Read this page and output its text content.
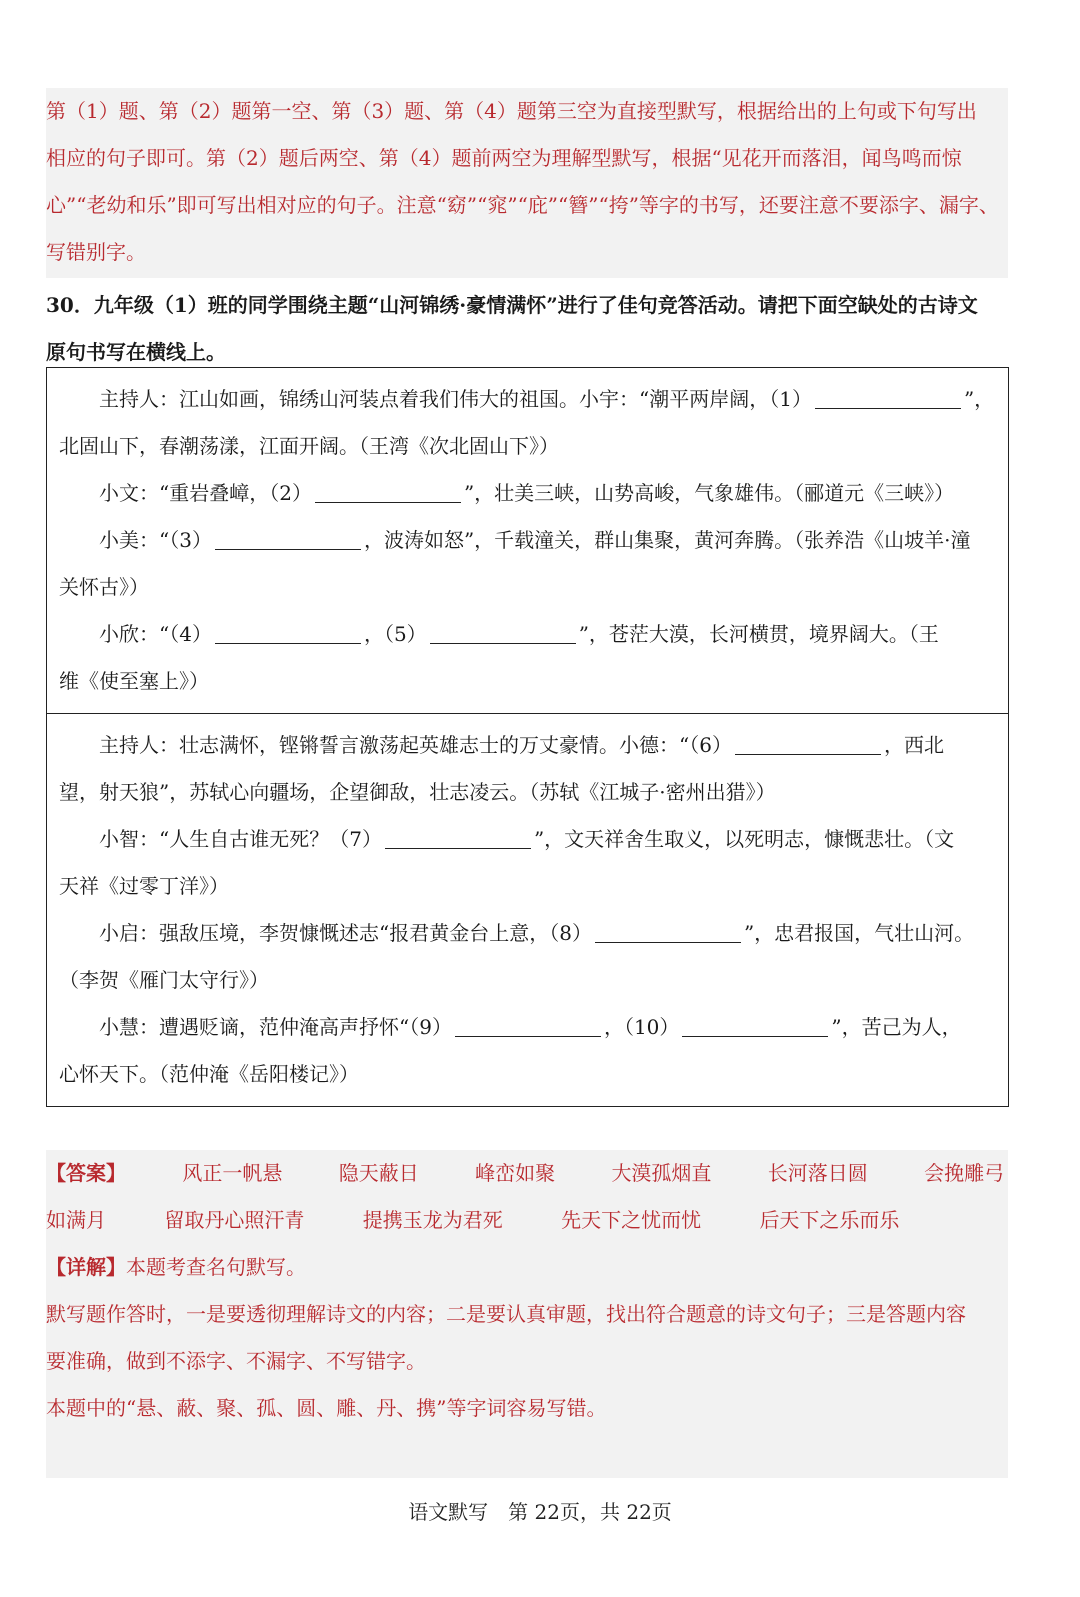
第（1）题、第（2）题第一空、第（3）题、第（4）题第三空为直接型默写，根据给出的上句或下句写出

相应的句子即可。第（2）题后两空、第（4）题前两空为理解型默写，根据“见花开而落泪，闻鸟鸣而惊

心”“老幼和乐”即可写出相对应的句子。注意“窈”“窕”“庇”“簪”“挎”等字的书写，还要注意不要添字、漏字、

写错别字。

30．九年级（1）班的同学围绕主题“山河锦绣·豪情满怀”进行了佳句竞答活动。请把下面空缺处的古诗文

原句书写在横线上。

主持人：江山如画，锦绣山河装点着我们伟大的祖国。小宇：“潮平两岸阔，（1）	”，

北固山下，春潮荡漾，江面开阔。（王湾《次北固山下》）

小文：“重岩叠嶂，（2）	”，壮美三峡，山势高峻，气象雄伟。（郦道元《三峡》）

小美：“（3）	，波涛如怒”，千载潼关，群山集聚，黄河奔腾。（张养浩《山坡羊·潼

关怀古》）

小欣：“（4）	，（5）	”，苍茫大漠，长河横贯，境界阔大。（王

维《使至塞上》）

主持人：壮志满怀，铿锵誓言激荡起英雄志士的万丈豪情。小德：“（6）	，西北

望，射天狼”，苏轼心向疆场，企望御敌，壮志凌云。（苏轼《江城子·密州出猎》）

小智：“人生自古谁无死？（7）	”，文天祥舍生取义，以死明志，慷慨悲壮。（文

天祥《过零丁洋》）

小启：强敌压境，李贺慷慨述志“报君黄金台上意，（8）	”，忠君报国，气壮山河。

（李贺《雁门太守行》）

小慧：遭遇贬谪，范仲淹高声抒怀“（9）	，（10）	”，苦己为人，

心怀天下。（范仲淹《岳阳楼记》）

【答案】	风正一帆悬	隐天蔽日	峰峦如聚	大漠孤烟直	长河落日圆	会挽雕弓

如满月	留取丹心照汗青	提携玉龙为君死	先天下之忧而忧	后天下之乐而乐

【详解】本题考查名句默写。

默写题作答时，一是要透彻理解诗文的内容；二是要认真审题，找出符合题意的诗文句子；三是答题内容

要准确，做到不添字、不漏字、不写错字。

本题中的“悬、蔽、聚、孤、圆、雕、丹、携”等字词容易写错。

语文默写　第 22页，共 22页
